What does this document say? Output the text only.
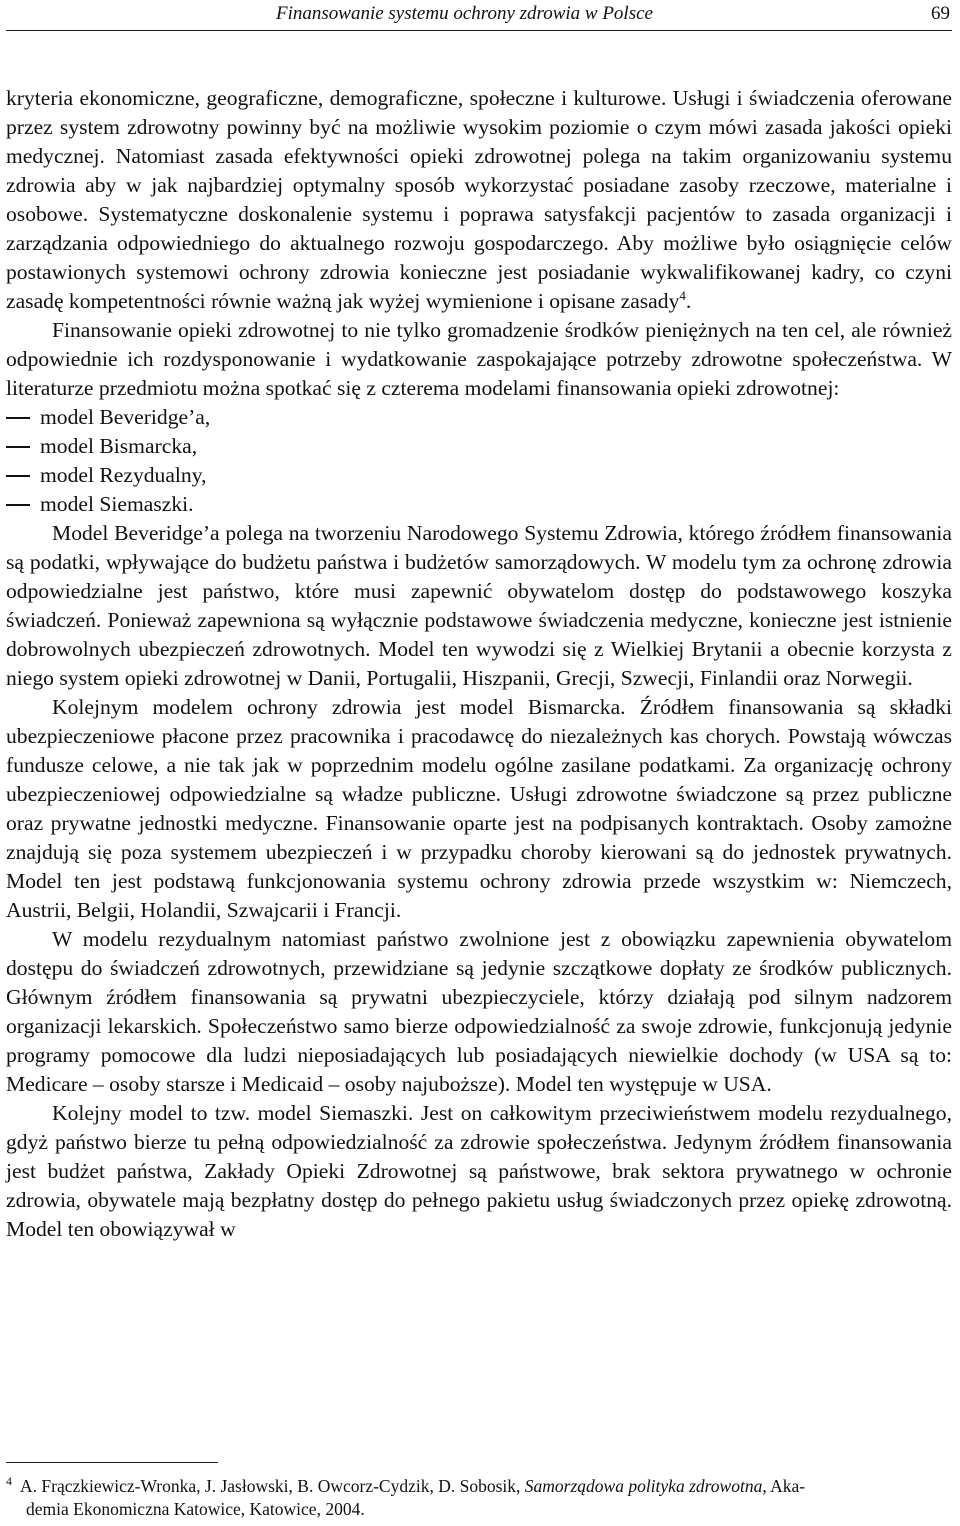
Finansowanie systemu ochrony zdrowia w Polsce	69

kryteria ekonomiczne, geograficzne, demograficzne, społeczne i kulturowe. Usługi i świadczenia oferowane przez system zdrowotny powinny być na możliwie wysokim poziomie o czym mówi zasada jakości opieki medycznej. Natomiast zasada efektywności opieki zdrowotnej polega na takim organizowaniu systemu zdrowia aby w jak najbardziej optymalny sposób wykorzystać posiadane zasoby rzeczowe, materialne i osobowe. Systematyczne doskonalenie systemu i poprawa satysfakcji pacjentów to zasada organizacji i zarządzania odpowiedniego do aktualnego rozwoju gospodarczego. Aby możliwe było osiągnięcie celów postawionych systemowi ochrony zdrowia konieczne jest posiadanie wykwalifikowanej kadry, co czyni zasadę kompetentności równie ważną jak wyżej wymienione i opisane zasady$^4$.

Finansowanie opieki zdrowotnej to nie tylko gromadzenie środków pieniężnych na ten cel, ale również odpowiednie ich rozdysponowanie i wydatkowanie zaspokajające potrzeby zdrowotne społeczeństwa. W literaturze przedmiotu można spotkać się z czterema modelami finansowania opieki zdrowotnej:

model Beveridge’a,
model Bismarcka,
model Rezydualny,
model Siemaszki.

Model Beveridge’a polega na tworzeniu Narodowego Systemu Zdrowia, którego źródłem finansowania są podatki, wpływające do budżetu państwa i budżetów samorządowych. W modelu tym za ochronę zdrowia odpowiedzialne jest państwo, które musi zapewnić obywatelom dostęp do podstawowego koszyka świadczeń. Ponieważ zapewniona są wyłącznie podstawowe świadczenia medyczne, konieczne jest istnienie dobrowolnych ubezpieczeń zdrowotnych. Model ten wywodzi się z Wielkiej Brytanii a obecnie korzysta z niego system opieki zdrowotnej w Danii, Portugalii, Hiszpanii, Grecji, Szwecji, Finlandii oraz Norwegii.

Kolejnym modelem ochrony zdrowia jest model Bismarcka. Źródłem finansowania są składki ubezpieczeniowe płacone przez pracownika i pracodawcę do niezależnych kas chorych. Powstają wówczas fundusze celowe, a nie tak jak w poprzednim modelu ogólne zasilane podatkami. Za organizację ochrony ubezpieczeniowej odpowiedzialne są władze publiczne. Usługi zdrowotne świadczone są przez publiczne oraz prywatne jednostki medyczne. Finansowanie oparte jest na podpisanych kontraktach. Osoby zamożne znajdują się poza systemem ubezpieczeń i w przypadku choroby kierowani są do jednostek prywatnych. Model ten jest podstawą funkcjonowania systemu ochrony zdrowia przede wszystkim w: Niemczech, Austrii, Belgii, Holandii, Szwajcarii i Francji.

W modelu rezydualnym natomiast państwo zwolnione jest z obowiązku zapewnienia obywatelom dostępu do świadczeń zdrowotnych, przewidziane są jedynie szczątkowe dopłaty ze środków publicznych. Głównym źródłem finansowania są prywatni ubezpieczyciele, którzy działają pod silnym nadzorem organizacji lekarskich. Społeczeństwo samo bierze odpowiedzialność za swoje zdrowie, funkcjonują jedynie programy pomocowe dla ludzi nieposiadających lub posiadających niewielkie dochody (w USA są to: Medicare – osoby starsze i Medicaid – osoby najuboższe). Model ten występuje w USA.

Kolejny model to tzw. model Siemaszki. Jest on całkowitym przeciwieństwem modelu rezydualnego, gdyż państwo bierze tu pełną odpowiedzialność za zdrowie społeczeństwa. Jedynym źródłem finansowania jest budżet państwa, Zakłady Opieki Zdrowotnej są państwowe, brak sektora prywatnego w ochronie zdrowia, obywatele mają bezpłatny dostęp do pełnego pakietu usług świadczonych przez opiekę zdrowotną. Model ten obowiązywał w

$^4$ A. Frączkiewicz-Wronka, J. Jasłowski, B. Owcorz-Cydzik, D. Sobosik, Samorządowa polityka zdrowotna, Aka-
demia Ekonomiczna Katowice, Katowice, 2004.
